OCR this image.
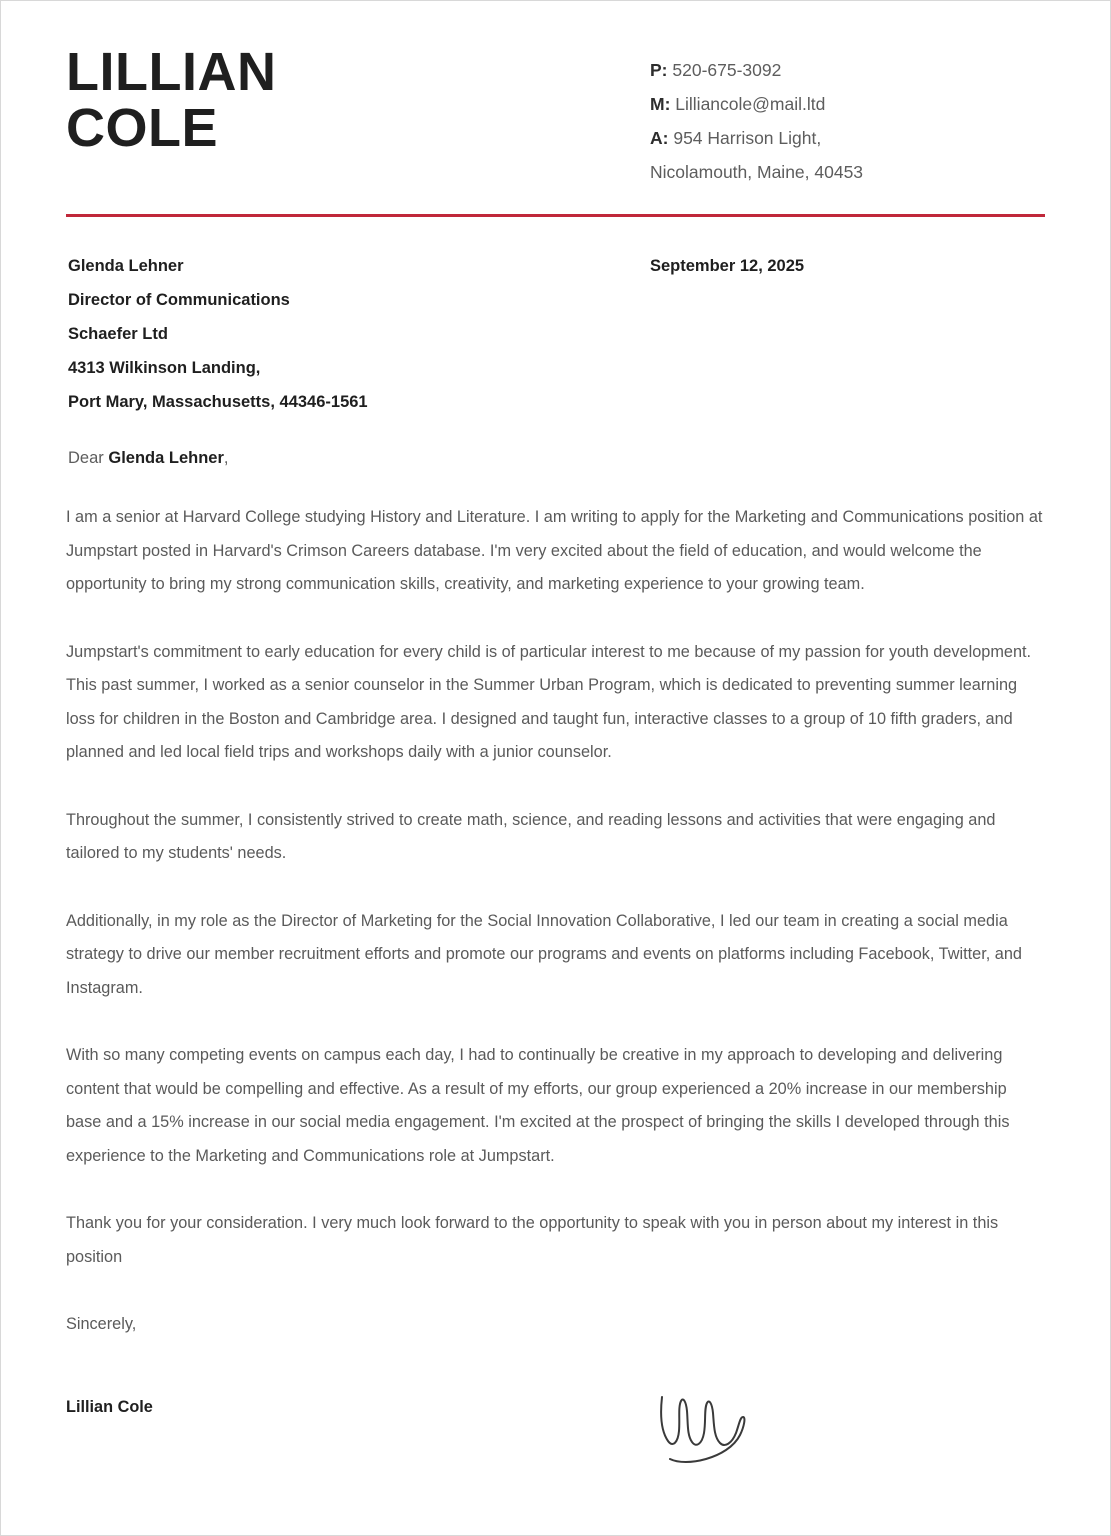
LILLIAN
COLE
P: 520-675-3092
M: Lilliancole@mail.ltd
A: 954 Harrison Light,
Nicolamouth, Maine, 40453
Glenda Lehner
Director of Communications
Schaefer Ltd
4313 Wilkinson Landing,
Port Mary, Massachusetts, 44346-1561
September 12, 2025
Dear Glenda Lehner,

I am a senior at Harvard College studying History and Literature. I am writing to apply for the Marketing and Communications position at Jumpstart posted in Harvard's Crimson Careers database. I'm very excited about the field of education, and would welcome the opportunity to bring my strong communication skills, creativity, and marketing experience to your growing team.

Jumpstart's commitment to early education for every child is of particular interest to me because of my passion for youth development. This past summer, I worked as a senior counselor in the Summer Urban Program, which is dedicated to preventing summer learning loss for children in the Boston and Cambridge area. I designed and taught fun, interactive classes to a group of 10 fifth graders, and planned and led local field trips and workshops daily with a junior counselor.

Throughout the summer, I consistently strived to create math, science, and reading lessons and activities that were engaging and tailored to my students' needs.

Additionally, in my role as the Director of Marketing for the Social Innovation Collaborative, I led our team in creating a social media strategy to drive our member recruitment efforts and promote our programs and events on platforms including Facebook, Twitter, and Instagram.

With so many competing events on campus each day, I had to continually be creative in my approach to developing and delivering content that would be compelling and effective. As a result of my efforts, our group experienced a 20% increase in our membership base and a 15% increase in our social media engagement. I'm excited at the prospect of bringing the skills I developed through this experience to the Marketing and Communications role at Jumpstart.

Thank you for your consideration. I very much look forward to the opportunity to speak with you in person about my interest in this position

Sincerely,
Lillian Cole
